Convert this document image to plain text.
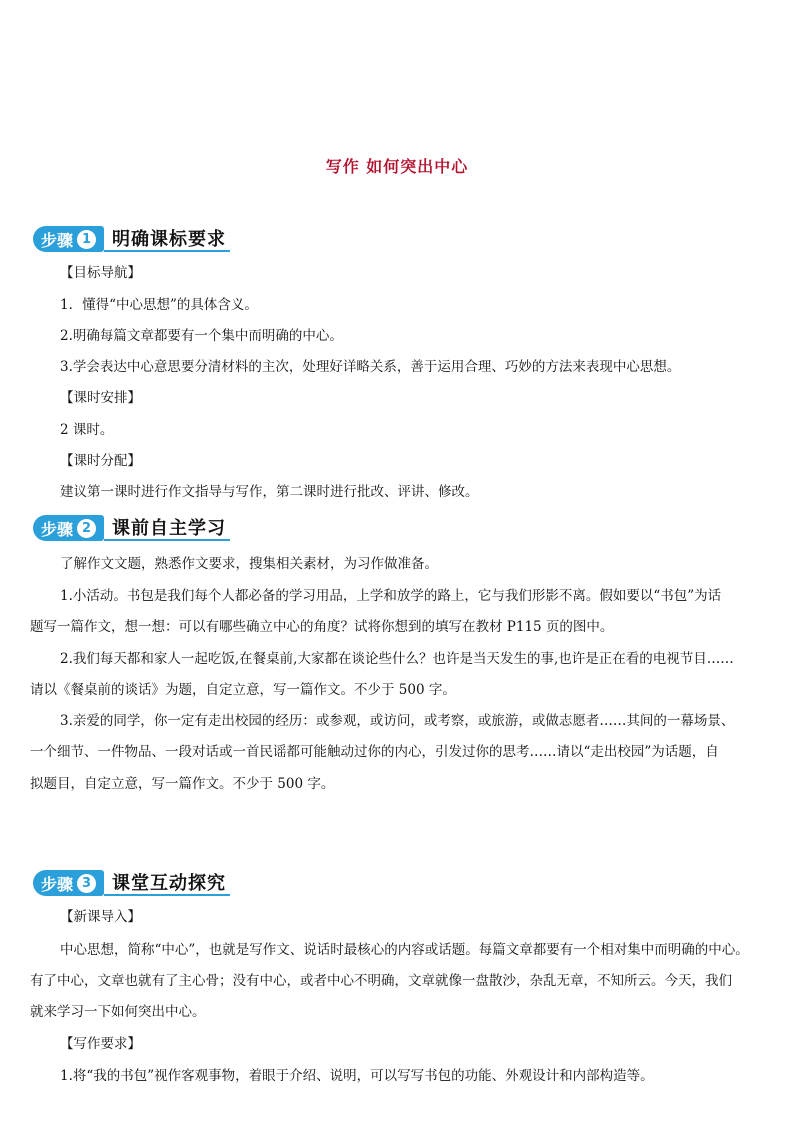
写作 如何突出中心
步骤 1	明确课标要求
【目标导航】
1．懂得“中心思想”的具体含义。
2.明确每篇文章都要有一个集中而明确的中心。
3.学会表达中心意思要分清材料的主次，处理好详略关系，善于运用合理、巧妙的方法来表现中心思想。
【课时安排】
2 课时。
【课时分配】
建议第一课时进行作文指导与写作，第二课时进行批改、评讲、修改。
步骤 2	课前自主学习
了解作文文题，熟悉作文要求，搜集相关素材，为习作做准备。
1.小活动。书包是我们每个人都必备的学习用品，上学和放学的路上，它与我们形影不离。假如要以“书包”为话
题写一篇作文，想一想：可以有哪些确立中心的角度？试将你想到的填写在教材 P115 页的图中。
2.我们每天都和家人一起吃饭,在餐桌前,大家都在谈论些什么？也许是当天发生的事,也许是正在看的电视节目……
请以《餐桌前的谈话》为题，自定立意，写一篇作文。不少于 500 字。
3.亲爱的同学，你一定有走出校园的经历：或参观，或访问，或考察，或旅游，或做志愿者……其间的一幕场景、
一个细节、一件物品、一段对话或一首民谣都可能触动过你的内心，引发过你的思考……请以“走出校园”为话题，自
拟题目，自定立意，写一篇作文。不少于 500 字。
步骤 3	课堂互动探究
【新课导入】
中心思想，简称“中心”，也就是写作文、说话时最核心的内容或话题。每篇文章都要有一个相对集中而明确的中心。
有了中心，文章也就有了主心骨；没有中心，或者中心不明确，文章就像一盘散沙，杂乱无章，不知所云。今天，我们
就来学习一下如何突出中心。
【写作要求】
1.将“我的书包”视作客观事物，着眼于介绍、说明，可以写写书包的功能、外观设计和内部构造等。
